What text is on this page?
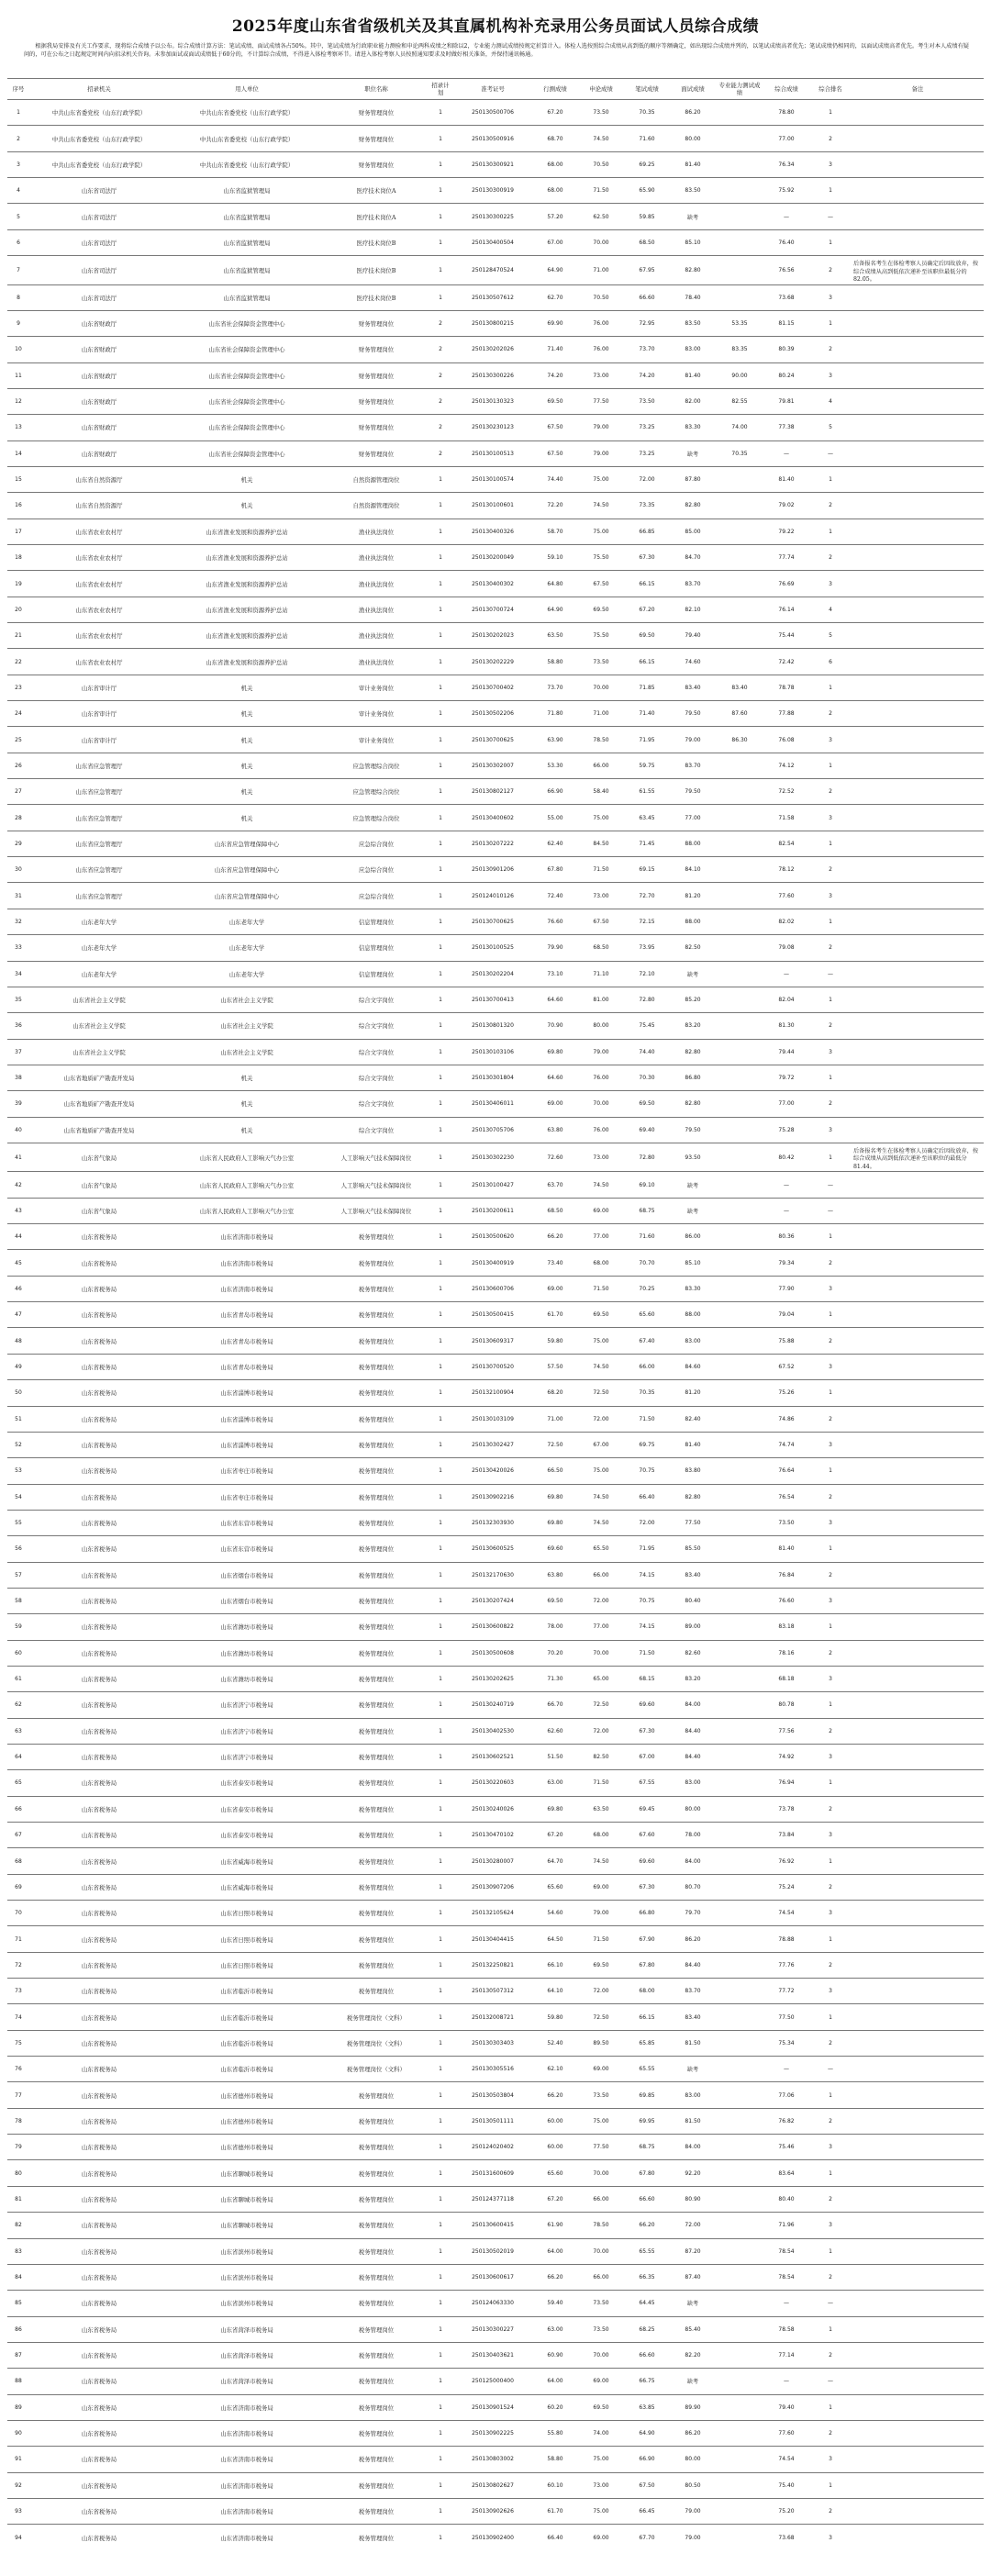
2025年度山东省省级机关及其直属机构补充录用公务员面试人员综合成绩
根据我局安排及有关工作要求，现将综合成绩予以公布。综合成绩计算方法：笔试成绩、面试成绩各占50%。其中，笔试成绩为行政职业能力测验和申论两科成绩之和除以2，专业能力测试成绩按规定折算计入。体检人选按照综合成绩从高到低的顺序等额确定，如出现综合成绩并列的，以笔试成绩高者优先；笔试成绩仍相同的，以面试成绩高者优先。考生对本人成绩有疑问的，可在公布之日起规定时间内向招录机关咨询。未参加面试或面试成绩低于60分的，不计算综合成绩，不得进入体检考察环节。请进入体检考察人员按照通知要求及时做好相关准备，并保持通讯畅通。
序号	招录机关	用人单位	职位名称	招录计划	准考证号	行测成绩	申论成绩	笔试成绩	面试成绩	专业能力测试成绩	综合成绩	综合排名	备注
1	中共山东省委党校（山东行政学院）	中共山东省委党校（山东行政学院）	财务管理岗位	1	250130500706	67.20	73.50	70.35	86.20		78.80	1	
2	中共山东省委党校（山东行政学院）	中共山东省委党校（山东行政学院）	财务管理岗位	1	250130500916	68.70	74.50	71.60	80.00		77.00	2	
3	中共山东省委党校（山东行政学院）	中共山东省委党校（山东行政学院）	财务管理岗位	1	250130300921	68.00	70.50	69.25	81.40		76.34	3	
4	山东省司法厅	山东省监狱管理局	医疗技术岗位A	1	250130300919	68.00	71.50	65.90	83.50		75.92	1	
5	山东省司法厅	山东省监狱管理局	医疗技术岗位A	1	250130300225	57.20	62.50	59.85	缺考		—	—	
6	山东省司法厅	山东省监狱管理局	医疗技术岗位B	1	250130400504	67.00	70.00	68.50	85.10		76.40	1	
7	山东省司法厅	山东省监狱管理局	医疗技术岗位B	1	250128470524	64.90	71.00	67.95	82.80		76.56	2	后备报名考生在体检考察人员确定后因故放弃，按综合成绩从高到低依次递补至该职位最低分的82.05。
8	山东省司法厅	山东省监狱管理局	医疗技术岗位B	1	250130507612	62.70	70.50	66.60	78.40		73.68	3	
9	山东省财政厅	山东省社会保障资金管理中心	财务管理岗位	2	250130800215	69.90	76.00	72.95	83.50	53.35	81.15	1	
10	山东省财政厅	山东省社会保障资金管理中心	财务管理岗位	2	250130202026	71.40	76.00	73.70	83.00	83.35	80.39	2	
11	山东省财政厅	山东省社会保障资金管理中心	财务管理岗位	2	250130300226	74.20	73.00	74.20	81.40	90.00	80.24	3	
12	山东省财政厅	山东省社会保障资金管理中心	财务管理岗位	2	250130130323	69.50	77.50	73.50	82.00	82.55	79.81	4	
13	山东省财政厅	山东省社会保障资金管理中心	财务管理岗位	2	250130230123	67.50	79.00	73.25	83.30	74.00	77.38	5	
14	山东省财政厅	山东省社会保障资金管理中心	财务管理岗位	2	250130100513	67.50	79.00	73.25	缺考	70.35	—	—	
15	山东省自然资源厅	机关	自然资源管理岗位	1	250130100574	74.40	75.00	72.00	87.80		81.40	1	
16	山东省自然资源厅	机关	自然资源管理岗位	1	250130100601	72.20	74.50	73.35	82.80		79.02	2	
17	山东省农业农村厅	山东省渔业发展和资源养护总站	渔业执法岗位	1	250130400326	58.70	75.00	66.85	85.00		79.22	1	
18	山东省农业农村厅	山东省渔业发展和资源养护总站	渔业执法岗位	1	250130200049	59.10	75.50	67.30	84.70		77.74	2	
19	山东省农业农村厅	山东省渔业发展和资源养护总站	渔业执法岗位	1	250130400302	64.80	67.50	66.15	83.70		76.69	3	
20	山东省农业农村厅	山东省渔业发展和资源养护总站	渔业执法岗位	1	250130700724	64.90	69.50	67.20	82.10		76.14	4	
21	山东省农业农村厅	山东省渔业发展和资源养护总站	渔业执法岗位	1	250130202023	63.50	75.50	69.50	79.40		75.44	5	
22	山东省农业农村厅	山东省渔业发展和资源养护总站	渔业执法岗位	1	250130202229	58.80	73.50	66.15	74.60		72.42	6	
23	山东省审计厅	机关	审计业务岗位	1	250130700402	73.70	70.00	71.85	83.40	83.40	78.78	1	
24	山东省审计厅	机关	审计业务岗位	1	250130502206	71.80	71.00	71.40	79.50	87.60	77.88	2	
25	山东省审计厅	机关	审计业务岗位	1	250130700625	63.90	78.50	71.95	79.00	86.30	76.08	3	
26	山东省应急管理厅	机关	应急管理综合岗位	1	250130302007	53.30	66.00	59.75	83.70		74.12	1	
27	山东省应急管理厅	机关	应急管理综合岗位	1	250130802127	66.90	58.40	61.55	79.50		72.52	2	
28	山东省应急管理厅	机关	应急管理综合岗位	1	250130400602	55.00	75.00	63.45	77.00		71.58	3	
29	山东省应急管理厅	山东省应急管理保障中心	应急综合岗位	1	250130207222	62.40	84.50	71.45	88.00		82.54	1	
30	山东省应急管理厅	山东省应急管理保障中心	应急综合岗位	1	250130901206	67.80	71.50	69.15	84.10		78.12	2	
31	山东省应急管理厅	山东省应急管理保障中心	应急综合岗位	1	250124010126	72.40	73.00	72.70	81.20		77.60	3	
32	山东老年大学	山东老年大学	信息管理岗位	1	250130700625	76.60	67.50	72.15	88.00		82.02	1	
33	山东老年大学	山东老年大学	信息管理岗位	1	250130100525	79.90	68.50	73.95	82.50		79.08	2	
34	山东老年大学	山东老年大学	信息管理岗位	1	250130202204	73.10	71.10	72.10	缺考		—	—	
35	山东省社会主义学院	山东省社会主义学院	综合文字岗位	1	250130700413	64.60	81.00	72.80	85.20		82.04	1	
36	山东省社会主义学院	山东省社会主义学院	综合文字岗位	1	250130801320	70.90	80.00	75.45	83.20		81.30	2	
37	山东省社会主义学院	山东省社会主义学院	综合文字岗位	1	250130103106	69.80	79.00	74.40	82.80		79.44	3	
38	山东省地质矿产勘查开发局	机关	综合文字岗位	1	250130301804	64.60	76.00	70.30	86.80		79.72	1	
39	山东省地质矿产勘查开发局	机关	综合文字岗位	1	250130406011	69.00	70.00	69.50	82.80		77.00	2	
40	山东省地质矿产勘查开发局	机关	综合文字岗位	1	250130705706	63.80	76.00	69.40	79.50		75.28	3	
41	山东省气象局	山东省人民政府人工影响天气办公室	人工影响天气技术保障岗位	1	250130302230	72.60	73.00	72.80	93.50		80.42	1	后备报名考生在体检考察人员确定后因故放弃，按综合成绩从高到低依次递补至该职位的最低分81.44。
42	山东省气象局	山东省人民政府人工影响天气办公室	人工影响天气技术保障岗位	1	250130100427	63.70	74.50	69.10	缺考		—	—	
43	山东省气象局	山东省人民政府人工影响天气办公室	人工影响天气技术保障岗位	1	250130200611	68.50	69.00	68.75	缺考		—	—	
44	山东省税务局	山东省济南市税务局	税务管理岗位	1	250130500620	66.20	77.00	71.60	86.00		80.36	1	
45	山东省税务局	山东省济南市税务局	税务管理岗位	1	250130400919	73.40	68.00	70.70	85.10		79.34	2	
46	山东省税务局	山东省济南市税务局	税务管理岗位	1	250130600706	69.00	71.50	70.25	83.30		77.90	3	
47	山东省税务局	山东省青岛市税务局	税务管理岗位	1	250130500415	61.70	69.50	65.60	88.00		79.04	1	
48	山东省税务局	山东省青岛市税务局	税务管理岗位	1	250130609317	59.80	75.00	67.40	83.00		75.88	2	
49	山东省税务局	山东省青岛市税务局	税务管理岗位	1	250130700520	57.50	74.50	66.00	84.60		67.52	3	
50	山东省税务局	山东省淄博市税务局	税务管理岗位	1	250132100904	68.20	72.50	70.35	81.20		75.26	1	
51	山东省税务局	山东省淄博市税务局	税务管理岗位	1	250130103109	71.00	72.00	71.50	82.40		74.86	2	
52	山东省税务局	山东省淄博市税务局	税务管理岗位	1	250130302427	72.50	67.00	69.75	81.40		74.74	3	
53	山东省税务局	山东省枣庄市税务局	税务管理岗位	1	250130420026	66.50	75.00	70.75	83.80		76.64	1	
54	山东省税务局	山东省枣庄市税务局	税务管理岗位	1	250130902216	69.80	74.50	66.40	82.80		76.54	2	
55	山东省税务局	山东省东营市税务局	税务管理岗位	1	250132303930	69.80	74.50	72.00	77.50		73.50	3	
56	山东省税务局	山东省东营市税务局	税务管理岗位	1	250130600525	69.60	65.50	71.95	85.50		81.40	1	
57	山东省税务局	山东省烟台市税务局	税务管理岗位	1	250132170630	63.80	66.00	74.15	83.40		76.84	2	
58	山东省税务局	山东省烟台市税务局	税务管理岗位	1	250130207424	69.50	72.00	70.75	80.40		76.60	3	
59	山东省税务局	山东省潍坊市税务局	税务管理岗位	1	250130600822	78.00	77.00	74.15	89.00		83.18	1	
60	山东省税务局	山东省潍坊市税务局	税务管理岗位	1	250130500608	70.20	70.00	71.50	82.60		78.16	2	
61	山东省税务局	山东省潍坊市税务局	税务管理岗位	1	250130202625	71.30	65.00	68.15	83.20		68.18	3	
62	山东省税务局	山东省济宁市税务局	税务管理岗位	1	250130240719	66.70	72.50	69.60	84.00		80.78	1	
63	山东省税务局	山东省济宁市税务局	税务管理岗位	1	250130402530	62.60	72.00	67.30	84.40		77.56	2	
64	山东省税务局	山东省济宁市税务局	税务管理岗位	1	250130602521	51.50	82.50	67.00	84.40		74.92	3	
65	山东省税务局	山东省泰安市税务局	税务管理岗位	1	250130220603	63.00	71.50	67.55	83.00		76.94	1	
66	山东省税务局	山东省泰安市税务局	税务管理岗位	1	250130240026	69.80	63.50	69.45	80.00		73.78	2	
67	山东省税务局	山东省泰安市税务局	税务管理岗位	1	250130470102	67.20	68.00	67.60	78.00		73.84	3	
68	山东省税务局	山东省威海市税务局	税务管理岗位	1	250130280007	64.70	74.50	69.60	84.00		76.92	1	
69	山东省税务局	山东省威海市税务局	税务管理岗位	1	250130907206	65.60	69.00	67.30	80.70		75.24	2	
70	山东省税务局	山东省日照市税务局	税务管理岗位	1	250132105624	54.60	79.00	66.80	79.70		74.54	3	
71	山东省税务局	山东省日照市税务局	税务管理岗位	1	250130404415	64.50	71.50	67.90	86.20		78.88	1	
72	山东省税务局	山东省日照市税务局	税务管理岗位	1	250132250821	66.10	69.50	67.80	84.40		77.76	2	
73	山东省税务局	山东省临沂市税务局	税务管理岗位	1	250130507312	64.10	72.00	68.00	83.70		77.72	3	
74	山东省税务局	山东省临沂市税务局	税务管理岗位（文科）	1	250132008721	59.80	72.50	66.15	83.40		77.50	1	
75	山东省税务局	山东省临沂市税务局	税务管理岗位（文科）	1	250130303403	52.40	89.50	65.85	81.50		75.34	2	
76	山东省税务局	山东省临沂市税务局	税务管理岗位（文科）	1	250130305516	62.10	69.00	65.55	缺考		—	—	
77	山东省税务局	山东省德州市税务局	税务管理岗位	1	250130503804	66.20	73.50	69.85	83.00		77.06	1	
78	山东省税务局	山东省德州市税务局	税务管理岗位	1	250130501111	60.00	75.00	69.95	81.50		76.82	2	
79	山东省税务局	山东省德州市税务局	税务管理岗位	1	250124020402	60.00	77.50	68.75	84.00		75.46	3	
80	山东省税务局	山东省聊城市税务局	税务管理岗位	1	250131600609	65.60	70.00	67.80	92.20		83.64	1	
81	山东省税务局	山东省聊城市税务局	税务管理岗位	1	250124377118	67.20	66.00	66.60	80.90		80.40	2	
82	山东省税务局	山东省聊城市税务局	税务管理岗位	1	250130600415	61.90	78.50	66.20	72.00		71.96	3	
83	山东省税务局	山东省滨州市税务局	税务管理岗位	1	250130502019	64.00	70.00	65.55	87.20		78.54	1	
84	山东省税务局	山东省滨州市税务局	税务管理岗位	1	250130600617	66.20	66.00	66.35	87.40		78.54	2	
85	山东省税务局	山东省滨州市税务局	税务管理岗位	1	250124063330	59.40	73.50	64.45	缺考		—	—	
86	山东省税务局	山东省菏泽市税务局	税务管理岗位	1	250130300227	63.00	73.50	68.25	85.40		78.58	1	
87	山东省税务局	山东省菏泽市税务局	税务管理岗位	1	250130403621	60.90	70.00	66.60	82.20		77.14	2	
88	山东省税务局	山东省菏泽市税务局	税务管理岗位	1	250125000400	64.00	69.00	66.75	缺考		—	—	
89	山东省税务局	山东省济南市税务局	税务管理岗位	1	250130901524	60.20	69.50	63.85	89.90		79.40	1	
90	山东省税务局	山东省济南市税务局	税务管理岗位	1	250130902225	55.80	74.00	64.90	86.20		77.60	2	
91	山东省税务局	山东省济南市税务局	税务管理岗位	1	250130803002	58.80	75.00	66.90	80.00		74.54	3	
92	山东省税务局	山东省济南市税务局	税务管理岗位	1	250130802627	60.10	73.00	67.50	80.50		75.40	1	
93	山东省税务局	山东省济南市税务局	税务管理岗位	1	250130902626	61.70	75.00	66.45	79.00		75.20	2	
94	山东省税务局	山东省济南市税务局	税务管理岗位	1	250130902400	66.40	69.00	67.70	79.00		73.68	3	
